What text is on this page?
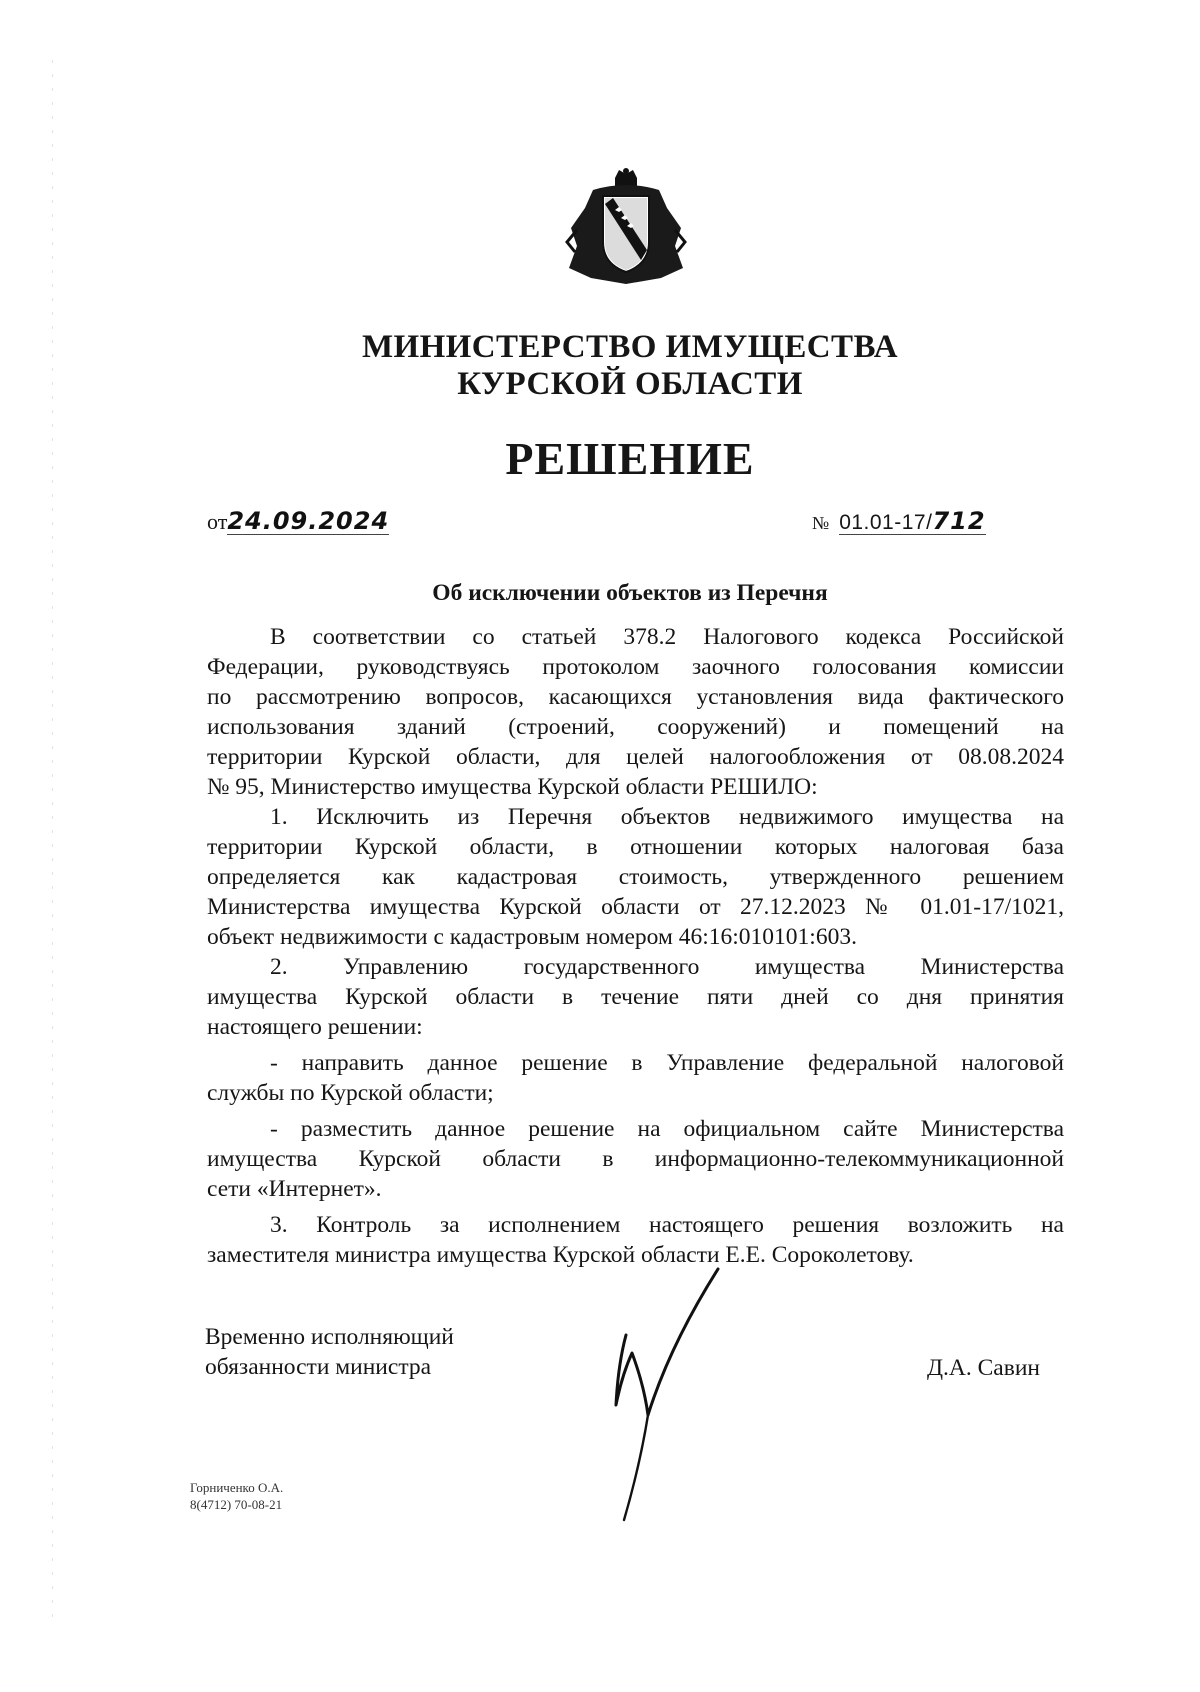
МИНИСТЕРСТВО ИМУЩЕСТВА
КУРСКОЙ ОБЛАСТИ
РЕШЕНИЕ
от24.09.2024	№ 01.01-17/712
Об исключении объектов из Перечня
В соответствии со статьей 378.2 Налогового кодекса Российской
Федерации, руководствуясь протоколом заочного голосования комиссии
по рассмотрению вопросов, касающихся установления вида фактического
использования зданий (строений, сооружений) и помещений на
территории Курской области, для целей налогообложения от 08.08.2024
№ 95, Министерство имущества Курской области РЕШИЛО:
1. Исключить из Перечня объектов недвижимого имущества на
территории Курской области, в отношении которых налоговая база
определяется как кадастровая стоимость, утвержденного решением
Министерства имущества Курской области от 27.12.2023 № 01.01-17/1021,
объект недвижимости с кадастровым номером 46:16:010101:603.
2. Управлению государственного имущества Министерства
имущества Курской области в течение пяти дней со дня принятия
настоящего решении:
- направить данное решение в Управление федеральной налоговой
службы по Курской области;
- разместить данное решение на официальном сайте Министерства
имущества Курской области в информационно-телекоммуникационной
сети «Интернет».
3. Контроль за исполнением настоящего решения возложить на
заместителя министра имущества Курской области Е.Е. Сороколетову.
Временно исполняющий
обязанности министра	Д.А. Савин
Горниченко О.А.
8(4712) 70-08-21
